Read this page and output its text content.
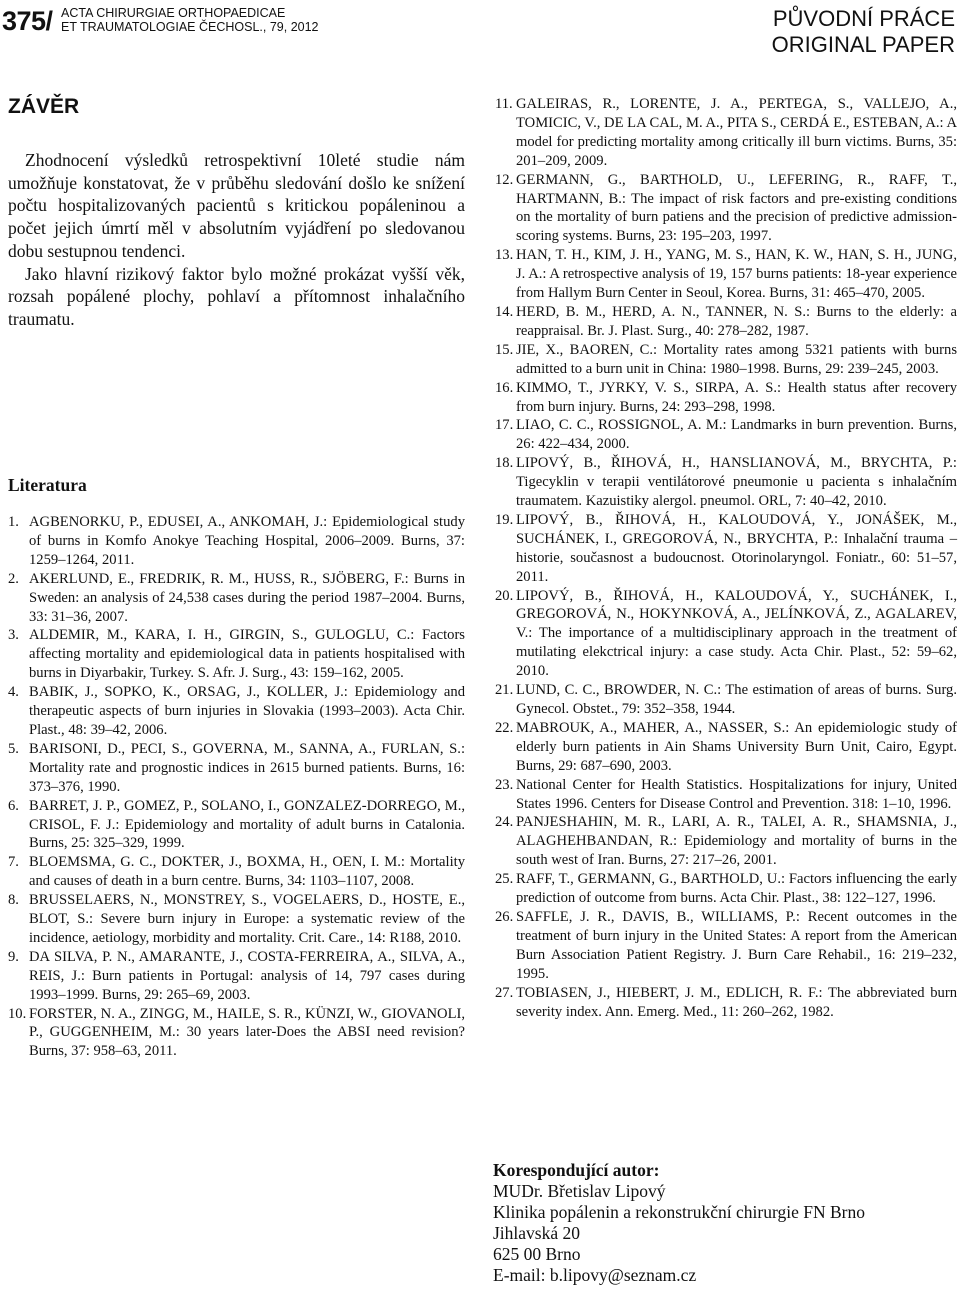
375/ ACTA CHIRURGIAE ORTHOPAEDICAE
ET TRAUMATOLOGIAE ČECHOSL., 79, 2012	PŮVODNÍ PRÁCE
ORIGINAL PAPER
ZÁVĚR

Zhodnocení výsledků retrospektivní 10leté studie nám umožňuje konstatovat, že v průběhu sledování došlo ke snížení počtu hospitalizovaných pacientů s kritickou popáleninou a počet jejich úmrtí měl v absolutním vyjádření po sledovanou dobu sestupnou tendenci.

Jako hlavní rizikový faktor bylo možné prokázat vyšší věk, rozsah popálené plochy, pohlaví a přítomnost inhalačního traumatu.

Literatura

1. AGBENORKU, P., EDUSEI, A., ANKOMAH, J.: Epidemiological study of burns in Komfo Anokye Teaching Hospital, 2006–2009. Burns, 37: 1259–1264, 2011.

2. AKERLUND, E., FREDRIK, R. M., HUSS, R., SJÖBERG, F.: Burns in Sweden: an analysis of 24,538 cases during the period 1987–2004. Burns, 33: 31–36, 2007.

3. ALDEMIR, M., KARA, I. H., GIRGIN, S., GULOGLU, C.: Factors affecting mortality and epidemiological data in patients hospitalised with burns in Diyarbakir, Turkey. S. Afr. J. Surg., 43: 159–162, 2005.

4. BABIK, J., SOPKO, K., ORSAG, J., KOLLER, J.: Epidemiology and therapeutic aspects of burn injuries in Slovakia (1993–2003). Acta Chir. Plast., 48: 39–42, 2006.

5. BARISONI, D., PECI, S., GOVERNA, M., SANNA, A., FURLAN, S.: Mortality rate and prognostic indices in 2615 burned patients. Burns, 16: 373–376, 1990.

6. BARRET, J. P., GOMEZ, P., SOLANO, I., GONZALEZ-DORREGO, M., CRISOL, F. J.: Epidemiology and mortality of adult burns in Catalonia. Burns, 25: 325–329, 1999.

7. BLOEMSMA, G. C., DOKTER, J., BOXMA, H., OEN, I. M.: Mortality and causes of death in a burn centre. Burns, 34: 1103–1107, 2008.

8. BRUSSELAERS, N., MONSTREY, S., VOGELAERS, D., HOSTE, E., BLOT, S.: Severe burn injury in Europe: a systematic review of the incidence, aetiology, morbidity and mortality. Crit. Care., 14: R188, 2010.

9. DA SILVA, P. N., AMARANTE, J., COSTA-FERREIRA, A., SILVA, A., REIS, J.: Burn patients in Portugal: analysis of 14, 797 cases during 1993–1999. Burns, 29: 265–69, 2003.

10. FORSTER, N. A., ZINGG, M., HAILE, S. R., KÜNZI, W., GIOVANOLI, P., GUGGENHEIM, M.: 30 years later-Does the ABSI need revision? Burns, 37: 958–63, 2011.

11. GALEIRAS, R., LORENTE, J. A., PERTEGA, S., VALLEJO, A., TOMICIC, V., DE LA CAL, M. A., PITA S., CERDÁ E., ESTEBAN, A.: A model for predicting mortality among critically ill burn victims. Burns, 35: 201–209, 2009.

12. GERMANN, G., BARTHOLD, U., LEFERING, R., RAFF, T., HARTMANN, B.: The impact of risk factors and pre-existing conditions on the mortality of burn patiens and the precision of predictive admission-scoring systems. Burns, 23: 195–203, 1997.

13. HAN, T. H., KIM, J. H., YANG, M. S., HAN, K. W., HAN, S. H., JUNG, J. A.: A retrospective analysis of 19, 157 burns patients: 18-year experience from Hallym Burn Center in Seoul, Korea. Burns, 31: 465–470, 2005.

14. HERD, B. M., HERD, A. N., TANNER, N. S.: Burns to the elderly: a reappraisal. Br. J. Plast. Surg., 40: 278–282, 1987.

15. JIE, X., BAOREN, C.: Mortality rates among 5321 patients with burns admitted to a burn unit in China: 1980–1998. Burns, 29: 239–245, 2003.

16. KIMMO, T., JYRKY, V. S., SIRPA, A. S.: Health status after recovery from burn injury. Burns, 24: 293–298, 1998.

17. LIAO, C. C., ROSSIGNOL, A. M.: Landmarks in burn prevention. Burns, 26: 422–434, 2000.

18. LIPOVÝ, B., ŘIHOVÁ, H., HANSLIANOVÁ, M., BRYCHTA, P.: Tigecyklin v terapii ventilátorové pneumonie u pacienta s inhalačním traumatem. Kazuistiky alergol. pneumol. ORL, 7: 40–42, 2010.

19. LIPOVÝ, B., ŘIHOVÁ, H., KALOUDOVÁ, Y., JONÁŠEK, M., SUCHÁNEK, I., GREGOROVÁ, N., BRYCHTA, P.: Inhalační trauma – historie, současnost a budoucnost. Otorinolaryngol. Foniatr., 60: 51–57, 2011.

20. LIPOVÝ, B., ŘIHOVÁ, H., KALOUDOVÁ, Y., SUCHÁNEK, I., GREGOROVÁ, N., HOKYNKOVÁ, A., JELÍNKOVÁ, Z., AGALAREV, V.: The importance of a multidisciplinary approach in the treatment of mutilating elekctrical injury: a case study. Acta Chir. Plast., 52: 59–62, 2010.

21. LUND, C. C., BROWDER, N. C.: The estimation of areas of burns. Surg. Gynecol. Obstet., 79: 352–358, 1944.

22. MABROUK, A., MAHER, A., NASSER, S.: An epidemiologic study of elderly burn patients in Ain Shams University Burn Unit, Cairo, Egypt. Burns, 29: 687–690, 2003.

23. National Center for Health Statistics. Hospitalizations for injury, United States 1996. Centers for Disease Control and Prevention. 318: 1–10, 1996.

24. PANJESHAHIN, M. R., LARI, A. R., TALEI, A. R., SHAMSNIA, J., ALAGHEHBANDAN, R.: Epidemiology and mortality of burns in the south west of Iran. Burns, 27: 217–26, 2001.

25. RAFF, T., GERMANN, G., BARTHOLD, U.: Factors influencing the early prediction of outcome from burns. Acta Chir. Plast., 38: 122–127, 1996.

26. SAFFLE, J. R., DAVIS, B., WILLIAMS, P.: Recent outcomes in the treatment of burn injury in the United States: A report from the American Burn Association Patient Registry. J. Burn Care Rehabil., 16: 219–232, 1995.

27. TOBIASEN, J., HIEBERT, J. M., EDLICH, R. F.: The abbreviated burn severity index. Ann. Emerg. Med., 11: 260–262, 1982.

Korespondující autor:
MUDr. Břetislav Lipový
Klinika popálenin a rekonstrukční chirurgie FN Brno
Jihlavská 20
625 00 Brno
E-mail: b.lipovy@seznam.cz
